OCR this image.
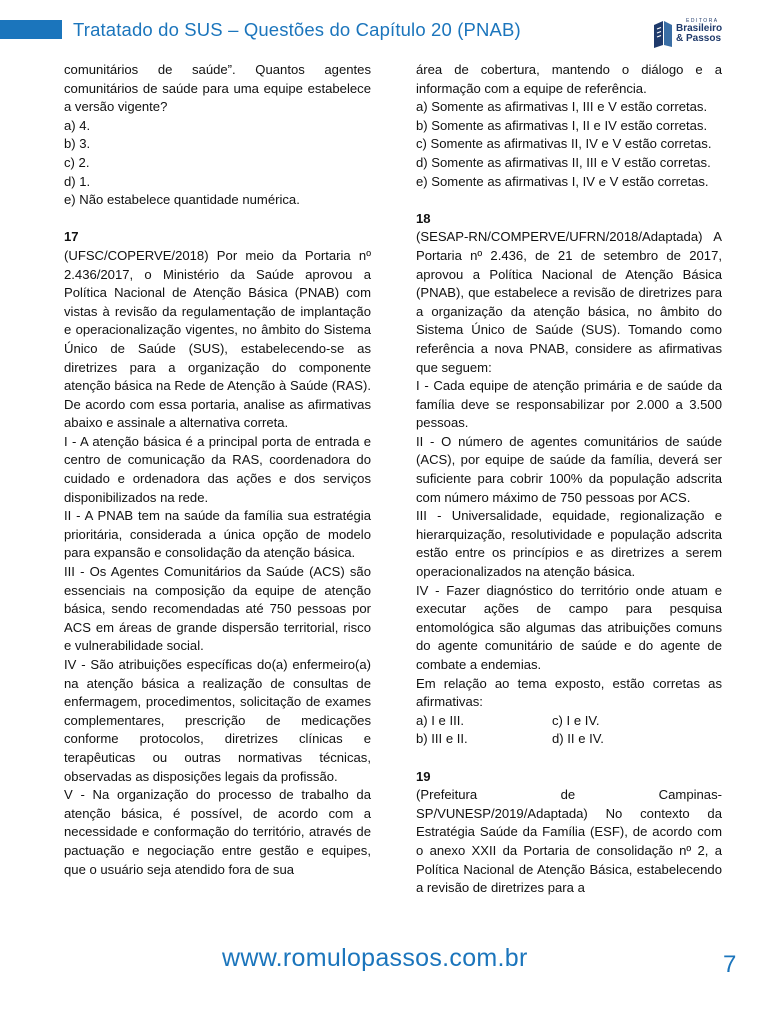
Tratatado do SUS – Questões do Capítulo 20 (PNAB)	EDITORA
Brasileiro
& Passos

comunitários de saúde”. Quantos agentes comunitários de saúde para uma equipe estabelece a versão vigente?

a) 4.

b) 3.

c) 2.

d) 1.

e) Não estabelece quantidade numérica.

17

(UFSC/COPERVE/2018) Por meio da Portaria nº 2.436/2017, o Ministério da Saúde aprovou a Política Nacional de Atenção Básica (PNAB) com vistas à revisão da regulamentação de implantação e operacionalização vigentes, no âmbito do Sistema Único de Saúde (SUS), estabelecendo-se as diretrizes para a organização do componente atenção básica na Rede de Atenção à Saúde (RAS). De acordo com essa portaria, analise as afirmativas abaixo e assinale a alternativa correta.

I - A atenção básica é a principal porta de entrada e centro de comunicação da RAS, coordenadora do cuidado e ordenadora das ações e dos serviços disponibilizados na rede.

II - A PNAB tem na saúde da família sua estratégia prioritária, considerada a única opção de modelo para expansão e consolidação da atenção básica.

III - Os Agentes Comunitários da Saúde (ACS) são essenciais na composição da equipe de atenção básica, sendo recomendadas até 750 pessoas por ACS em áreas de grande dispersão territorial, risco e vulnerabilidade social.

IV - São atribuições específicas do(a) enfermeiro(a) na atenção básica a realização de consultas de enfermagem, procedimentos, solicitação de exames complementares, prescrição de medicações conforme protocolos, diretrizes clínicas e terapêuticas ou outras normativas técnicas, observadas as disposições legais da profissão.

V - Na organização do processo de trabalho da atenção básica, é possível, de acordo com a necessidade e conformação do território, através de pactuação e negociação entre gestão e equipes, que o usuário seja atendido fora de sua

área de cobertura, mantendo o diálogo e a informação com a equipe de referência.

a) Somente as afirmativas I, III e V estão corretas.

b) Somente as afirmativas I, II e IV estão corretas.

c) Somente as afirmativas II, IV e V estão corretas.

d) Somente as afirmativas II, III e V estão corretas.

e) Somente as afirmativas I, IV e V estão corretas.

18

(SESAP-RN/COMPERVE/UFRN/2018/Adaptada) A Portaria nº 2.436, de 21 de setembro de 2017, aprovou a Política Nacional de Atenção Básica (PNAB), que estabelece a revisão de diretrizes para a organização da atenção básica, no âmbito do Sistema Único de Saúde (SUS). Tomando como referência a nova PNAB, considere as afirmativas que seguem:

I - Cada equipe de atenção primária e de saúde da família deve se responsabilizar por 2.000 a 3.500 pessoas.

II - O número de agentes comunitários de saúde (ACS), por equipe de saúde da família, deverá ser suficiente para cobrir 100% da população adscrita com número máximo de 750 pessoas por ACS.

III - Universalidade, equidade, regionalização e hierarquização, resolutividade e população adscrita estão entre os princípios e as diretrizes a serem operacionalizados na atenção básica.

IV - Fazer diagnóstico do território onde atuam e executar ações de campo para pesquisa entomológica são algumas das atribuições comuns do agente comunitário de saúde e do agente de combate a endemias.

Em relação ao tema exposto, estão corretas as afirmativas:

a) I e III.	c) I e IV.
b) III e II.	d) II e IV.

19

(Prefeitura de Campinas-SP/VUNESP/2019/Adaptada) No contexto da Estratégia Saúde da Família (ESF), de acordo com o anexo XXII da Portaria de consolidação nº 2, a Política Nacional de Atenção Básica, estabelecendo a revisão de diretrizes para a

www.romulopassos.com.br	7
